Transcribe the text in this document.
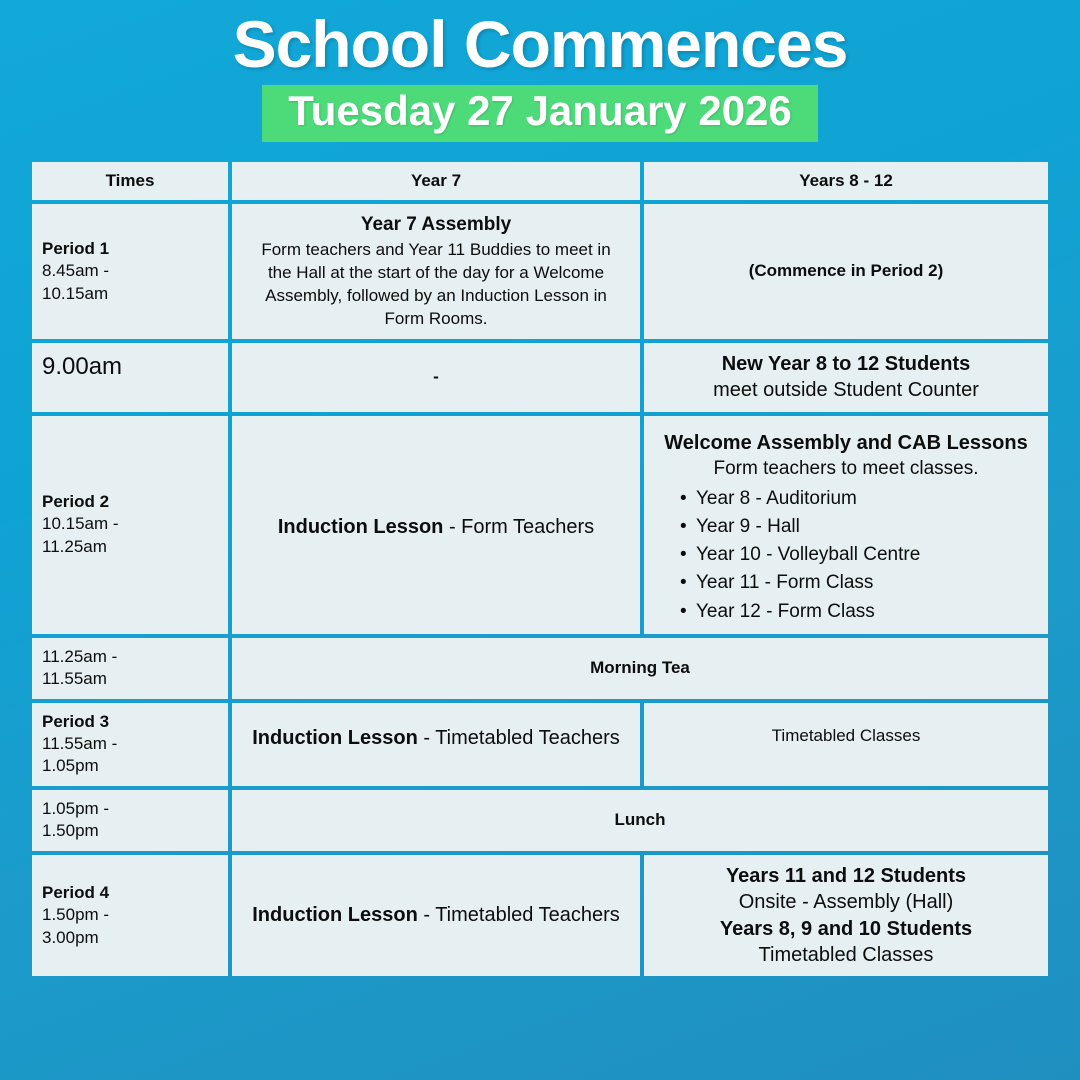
School Commences
Tuesday 27 January 2026
Times	Year 7	Years 8 - 12

Period 1
8.45am -
10.15am	Year 7 Assembly
Form teachers and Year 11 Buddies to meet in the Hall at the start of the day for a Welcome Assembly, followed by an Induction Lesson in Form Rooms.	(Commence in Period 2)
9.00am	-	New Year 8 to 12 Students
meet outside Student Counter

Period 2
10.15am -
11.25am
	Induction Lesson - Form Teachers	
Welcome Assembly and CAB Lessons
Form teachers to meet classes.
• Year 8 - Auditorium
• Year 9 - Hall
• Year 10 - Volleyball Centre
• Year 11 - Form Class
• Year 12 - Form Class

11.25am -
11.55am	Morning Tea	

Period 3
11.55am -
1.05pm	Induction Lesson - Timetabled Teachers	Timetabled Classes

1.05pm -
1.50pm	Lunch	

Period 4
1.50pm -
3.00pm	Induction Lesson - Timetabled Teachers	Years 11 and 12 Students
Onsite - Assembly (Hall)
Years 8, 9 and 10 Students
Timetabled Classes
